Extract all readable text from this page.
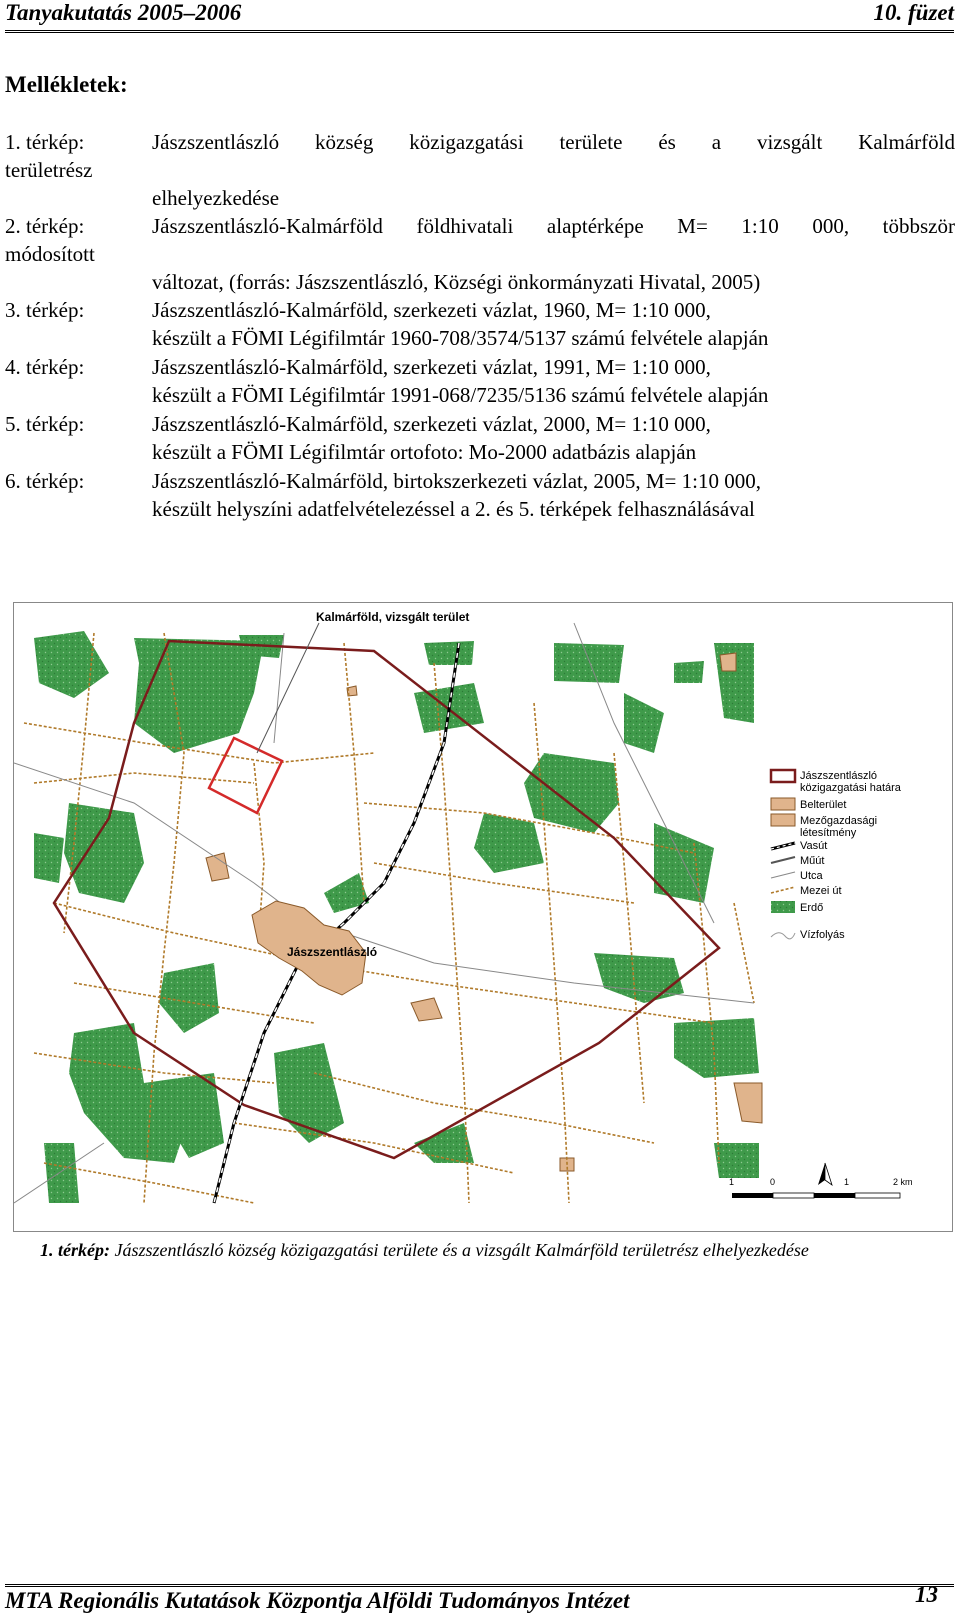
Tanyakutatás 2005–2006	10. füzet
Mellékletek:
1. térkép:	Jászszentlászló község közigazgatási területe és a vizsgált Kalmárföld
területrész
elhelyezkedése
2. térkép:	Jászszentlászló-Kalmárföld földhivatali alaptérképe M= 1:10 000, többször
módosított
változat, (forrás: Jászszentlászló, Községi önkormányzati Hivatal, 2005)
3. térkép:	Jászszentlászló-Kalmárföld, szerkezeti vázlat, 1960, M= 1:10 000,
készült a FÖMI Légifilmtár 1960-708/3574/5137 számú felvétele alapján
4. térkép:	Jászszentlászló-Kalmárföld, szerkezeti vázlat, 1991, M= 1:10 000,
készült a FÖMI Légifilmtár 1991-068/7235/5136 számú felvétele alapján
5. térkép:	Jászszentlászló-Kalmárföld, szerkezeti vázlat, 2000, M= 1:10 000,
készült a FÖMI Légifilmtár ortofoto: Mo-2000 adatbázis alapján
6. térkép:	Jászszentlászló-Kalmárföld, birtokszerkezeti vázlat, 2005, M= 1:10 000,
készült helyszíni adatfelvételezéssel a 2. és 5. térképek felhasználásával
Kalmárföld, vizsgált terület
Jászszentlászló
Jászszentlászló
közigazgatási határa
Belterület
Mezőgazdasági
létesítmény
Vasút
Műút
Utca
Mezei út
Erdő
Vízfolyás
1	0	1	2 km
1. térkép: Jászszentlászló község közigazgatási területe és a vizsgált Kalmárföld területrész elhelyezkedése
MTA Regionális Kutatások Központja Alföldi Tudományos Intézet	13
